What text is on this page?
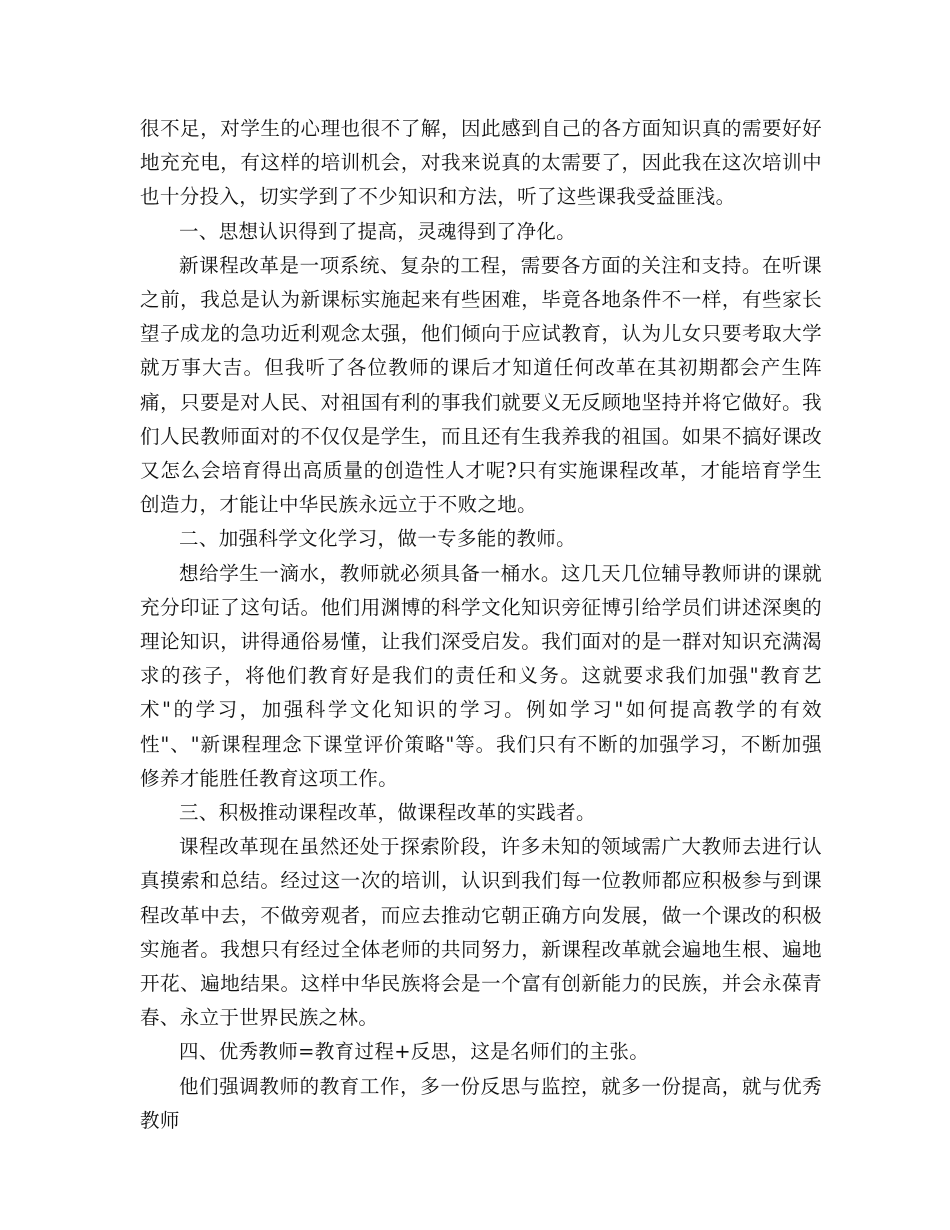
很不足，对学生的心理也很不了解，因此感到自己的各方面知识真的需要好好地充充电，有这样的培训机会，对我来说真的太需要了，因此我在这次培训中也十分投入，切实学到了不少知识和方法，听了这些课我受益匪浅。

一、思想认识得到了提高，灵魂得到了净化。

新课程改革是一项系统、复杂的工程，需要各方面的关注和支持。在听课之前，我总是认为新课标实施起来有些困难，毕竟各地条件不一样，有些家长望子成龙的急功近利观念太强，他们倾向于应试教育，认为儿女只要考取大学就万事大吉。但我听了各位教师的课后才知道任何改革在其初期都会产生阵痛，只要是对人民、对祖国有利的事我们就要义无反顾地坚持并将它做好。我们人民教师面对的不仅仅是学生，而且还有生我养我的祖国。如果不搞好课改又怎么会培育得出高质量的创造性人才呢?只有实施课程改革，才能培育学生创造力，才能让中华民族永远立于不败之地。

二、加强科学文化学习，做一专多能的教师。

想给学生一滴水，教师就必须具备一桶水。这几天几位辅导教师讲的课就充分印证了这句话。他们用渊博的科学文化知识旁征博引给学员们讲述深奥的理论知识，讲得通俗易懂，让我们深受启发。我们面对的是一群对知识充满渴求的孩子，将他们教育好是我们的责任和义务。这就要求我们加强"教育艺术"的学习，加强科学文化知识的学习。例如学习"如何提高教学的有效性"、"新课程理念下课堂评价策略"等。我们只有不断的加强学习，不断加强修养才能胜任教育这项工作。

三、积极推动课程改革，做课程改革的实践者。

课程改革现在虽然还处于探索阶段，许多未知的领域需广大教师去进行认真摸索和总结。经过这一次的培训，认识到我们每一位教师都应积极参与到课程改革中去，不做旁观者，而应去推动它朝正确方向发展，做一个课改的积极实施者。我想只有经过全体老师的共同努力，新课程改革就会遍地生根、遍地开花、遍地结果。这样中华民族将会是一个富有创新能力的民族，并会永葆青春、永立于世界民族之林。

四、优秀教师=教育过程+反思，这是名师们的主张。

他们强调教师的教育工作，多一份反思与监控，就多一份提高，就与优秀教师
